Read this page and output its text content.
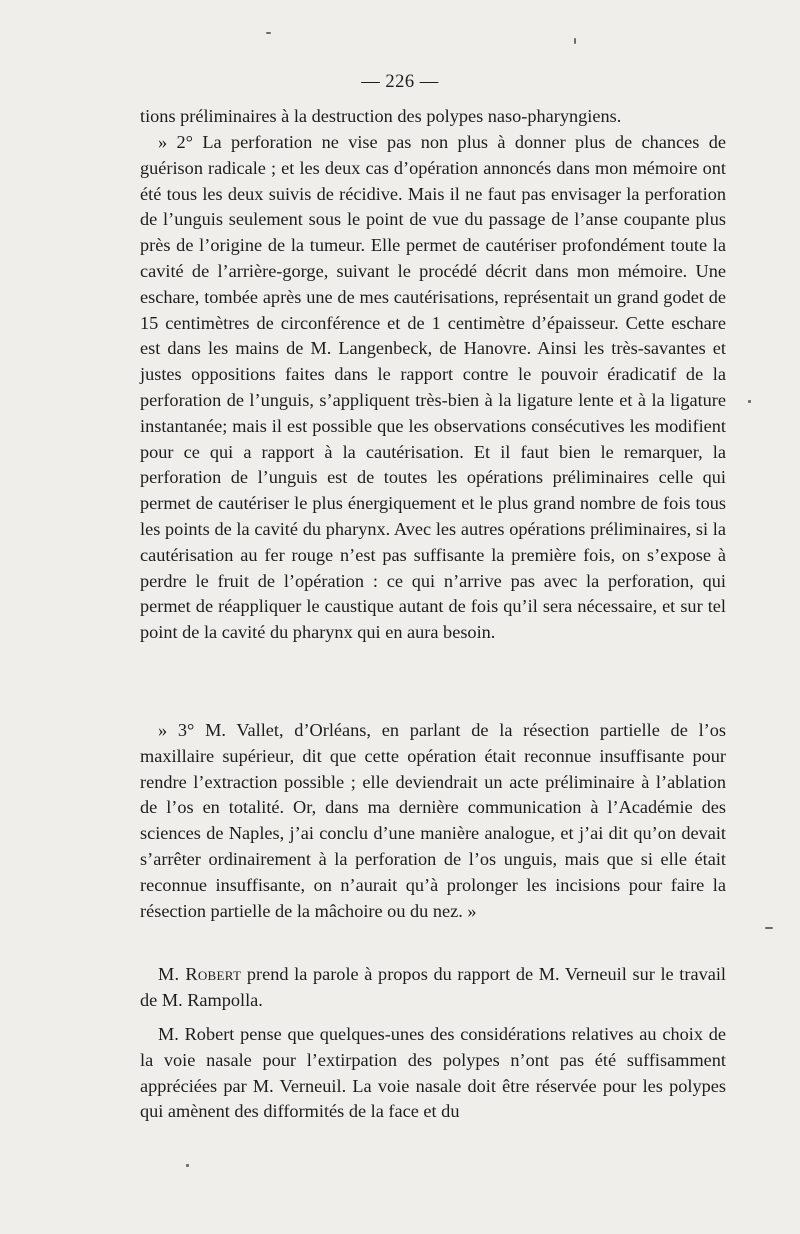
— 226 —

tions préliminaires à la destruction des polypes naso-pharyngiens.

» 2° La perforation ne vise pas non plus à donner plus de chances de guérison radicale ; et les deux cas d’opération annoncés dans mon mémoire ont été tous les deux suivis de récidive. Mais il ne faut pas envisager la perforation de l’unguis seulement sous le point de vue du passage de l’anse coupante plus près de l’origine de la tumeur. Elle permet de cautériser profondément toute la cavité de l’arrière-gorge, suivant le procédé décrit dans mon mémoire. Une eschare, tombée après une de mes cautérisations, représentait un grand godet de 15 centimètres de circonférence et de 1 centimètre d’épaisseur. Cette eschare est dans les mains de M. Langenbeck, de Hanovre. Ainsi les très-savantes et justes oppositions faites dans le rapport contre le pouvoir éradicatif de la perforation de l’unguis, s’appliquent très-bien à la ligature lente et à la ligature instantanée; mais il est possible que les observations consécutives les modifient pour ce qui a rapport à la cautérisation. Et il faut bien le remarquer, la perforation de l’unguis est de toutes les opérations préliminaires celle qui permet de cautériser le plus énergiquement et le plus grand nombre de fois tous les points de la cavité du pharynx. Avec les autres opérations préliminaires, si la cautérisation au fer rouge n’est pas suffisante la première fois, on s’expose à perdre le fruit de l’opération : ce qui n’arrive pas avec la perforation, qui permet de réappliquer le caustique autant de fois qu’il sera nécessaire, et sur tel point de la cavité du pharynx qui en aura besoin.

» 3° M. Vallet, d’Orléans, en parlant de la résection partielle de l’os maxillaire supérieur, dit que cette opération était reconnue insuffisante pour rendre l’extraction possible ; elle deviendrait un acte préliminaire à l’ablation de l’os en totalité. Or, dans ma dernière communication à l’Académie des sciences de Naples, j’ai conclu d’une manière analogue, et j’ai dit qu’on devait s’arrêter ordinairement à la perforation de l’os unguis, mais que si elle était reconnue insuffisante, on n’aurait qu’à prolonger les incisions pour faire la résection partielle de la mâchoire ou du nez. »

M. Robert prend la parole à propos du rapport de M. Verneuil sur le travail de M. Rampolla.

M. Robert pense que quelques-unes des considérations relatives au choix de la voie nasale pour l’extirpation des polypes n’ont pas été suffisamment appréciées par M. Verneuil. La voie nasale doit être réservée pour les polypes qui amènent des difformités de la face et du
